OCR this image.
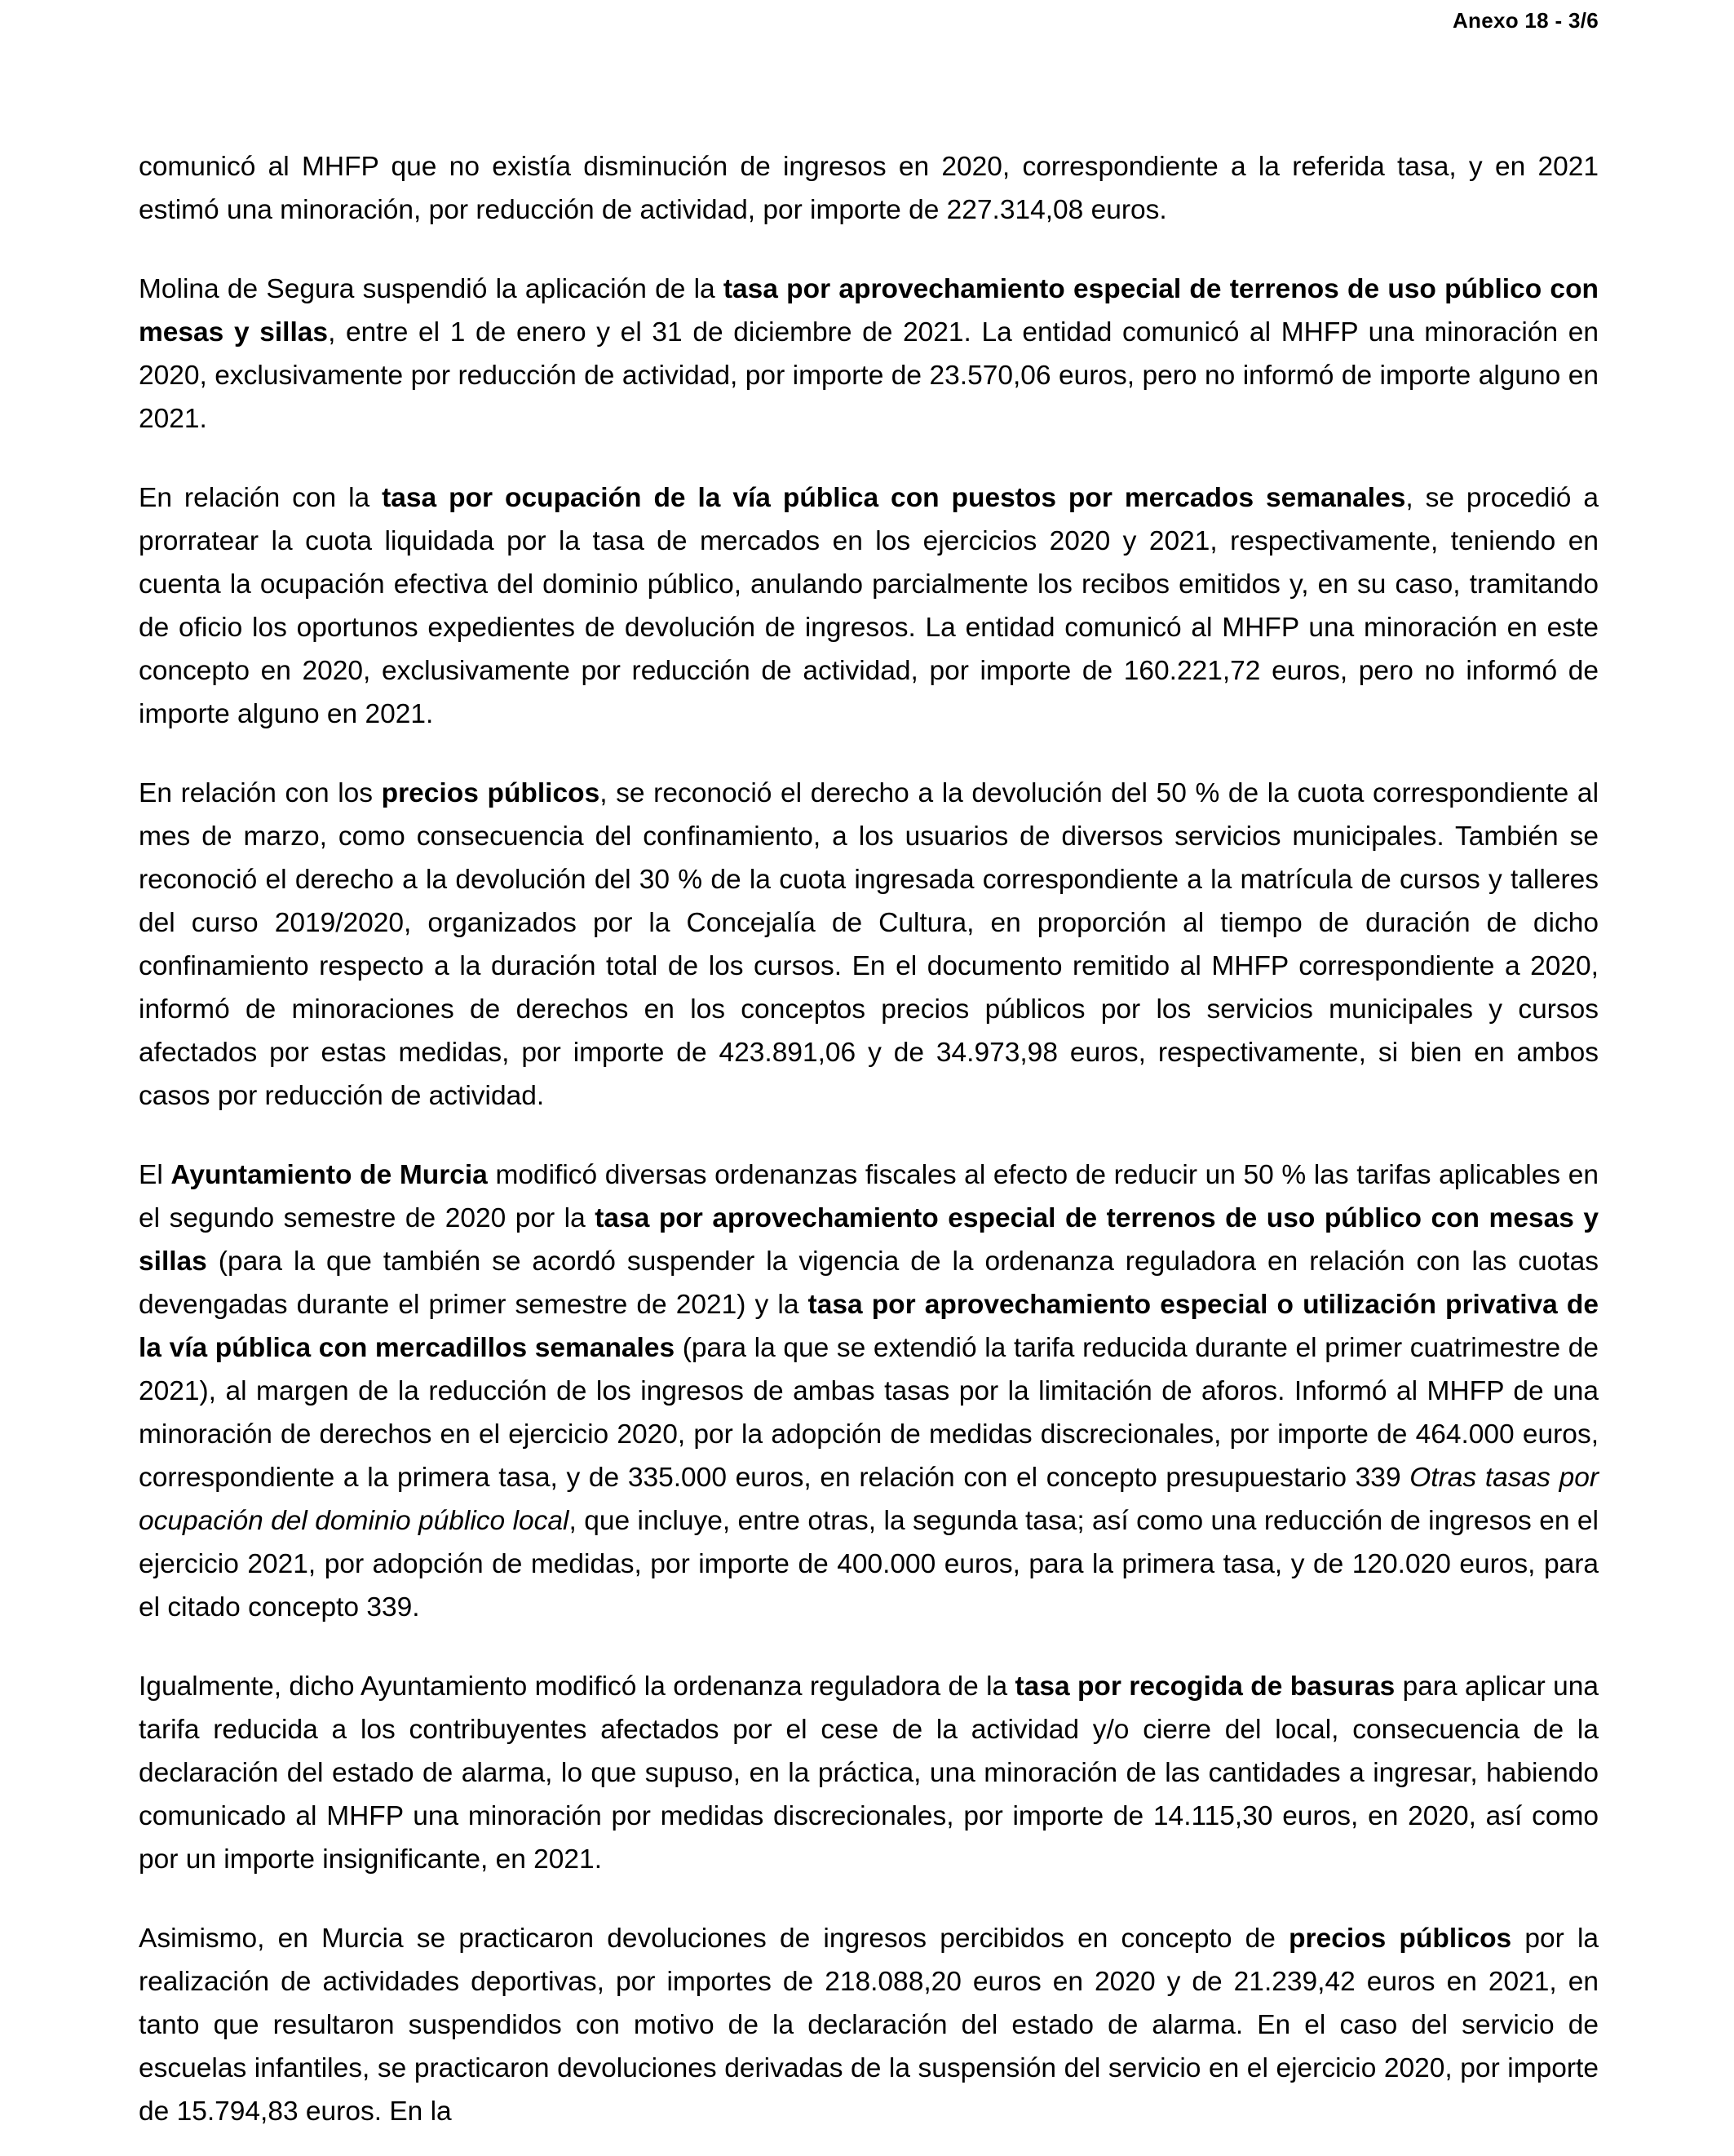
Anexo 18 - 3/6

comunicó al MHFP que no existía disminución de ingresos en 2020, correspondiente a la referida tasa, y en 2021 estimó una minoración, por reducción de actividad, por importe de 227.314,08 euros.

Molina de Segura suspendió la aplicación de la tasa por aprovechamiento especial de terrenos de uso público con mesas y sillas, entre el 1 de enero y el 31 de diciembre de 2021. La entidad comunicó al MHFP una minoración en 2020, exclusivamente por reducción de actividad, por importe de 23.570,06 euros, pero no informó de importe alguno en 2021.

En relación con la tasa por ocupación de la vía pública con puestos por mercados semanales, se procedió a prorratear la cuota liquidada por la tasa de mercados en los ejercicios 2020 y 2021, respectivamente, teniendo en cuenta la ocupación efectiva del dominio público, anulando parcialmente los recibos emitidos y, en su caso, tramitando de oficio los oportunos expedientes de devolución de ingresos. La entidad comunicó al MHFP una minoración en este concepto en 2020, exclusivamente por reducción de actividad, por importe de 160.221,72 euros, pero no informó de importe alguno en 2021.

En relación con los precios públicos, se reconoció el derecho a la devolución del 50 % de la cuota correspondiente al mes de marzo, como consecuencia del confinamiento, a los usuarios de diversos servicios municipales. También se reconoció el derecho a la devolución del 30 % de la cuota ingresada correspondiente a la matrícula de cursos y talleres del curso 2019/2020, organizados por la Concejalía de Cultura, en proporción al tiempo de duración de dicho confinamiento respecto a la duración total de los cursos. En el documento remitido al MHFP correspondiente a 2020, informó de minoraciones de derechos en los conceptos precios públicos por los servicios municipales y cursos afectados por estas medidas, por importe de 423.891,06 y de 34.973,98 euros, respectivamente, si bien en ambos casos por reducción de actividad.

El Ayuntamiento de Murcia modificó diversas ordenanzas fiscales al efecto de reducir un 50 % las tarifas aplicables en el segundo semestre de 2020 por la tasa por aprovechamiento especial de terrenos de uso público con mesas y sillas (para la que también se acordó suspender la vigencia de la ordenanza reguladora en relación con las cuotas devengadas durante el primer semestre de 2021) y la tasa por aprovechamiento especial o utilización privativa de la vía pública con mercadillos semanales (para la que se extendió la tarifa reducida durante el primer cuatrimestre de 2021), al margen de la reducción de los ingresos de ambas tasas por la limitación de aforos. Informó al MHFP de una minoración de derechos en el ejercicio 2020, por la adopción de medidas discrecionales, por importe de 464.000 euros, correspondiente a la primera tasa, y de 335.000 euros, en relación con el concepto presupuestario 339 Otras tasas por ocupación del dominio público local, que incluye, entre otras, la segunda tasa; así como una reducción de ingresos en el ejercicio 2021, por adopción de medidas, por importe de 400.000 euros, para la primera tasa, y de 120.020 euros, para el citado concepto 339.

Igualmente, dicho Ayuntamiento modificó la ordenanza reguladora de la tasa por recogida de basuras para aplicar una tarifa reducida a los contribuyentes afectados por el cese de la actividad y/o cierre del local, consecuencia de la declaración del estado de alarma, lo que supuso, en la práctica, una minoración de las cantidades a ingresar, habiendo comunicado al MHFP una minoración por medidas discrecionales, por importe de 14.115,30 euros, en 2020, así como por un importe insignificante, en 2021.

Asimismo, en Murcia se practicaron devoluciones de ingresos percibidos en concepto de precios públicos por la realización de actividades deportivas, por importes de 218.088,20 euros en 2020 y de 21.239,42 euros en 2021, en tanto que resultaron suspendidos con motivo de la declaración del estado de alarma. En el caso del servicio de escuelas infantiles, se practicaron devoluciones derivadas de la suspensión del servicio en el ejercicio 2020, por importe de 15.794,83 euros. En la
